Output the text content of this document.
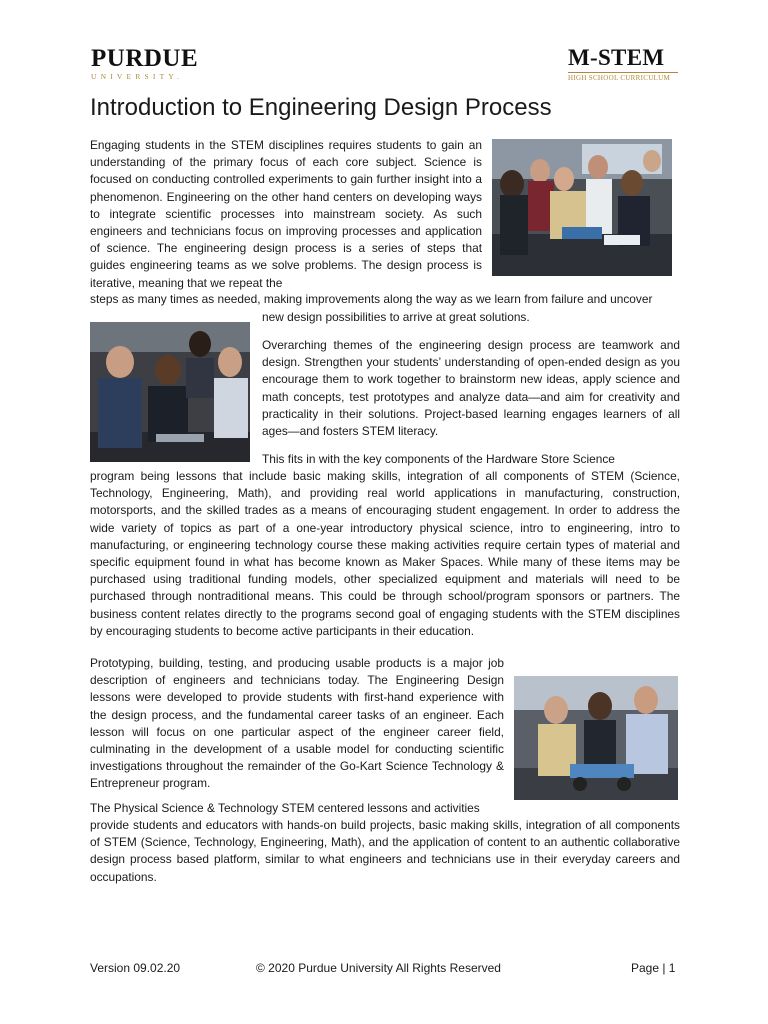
PURDUE
UNIVERSITY.
M-STEM
HIGH SCHOOL CURRICULUM
Introduction to Engineering Design Process
Engaging students in the STEM disciplines requires students to gain an understanding of the primary focus of each core subject. Science is focused on conducting controlled experiments to gain further insight into a phenomenon. Engineering on the other hand centers on developing ways to integrate scientific processes into mainstream society. As such engineers and technicians focus on improving processes and application of science. The engineering design process is a series of steps that guides engineering teams as we solve problems. The design process is iterative, meaning that we repeat the
steps as many times as needed, making improvements along the way as we learn from failure and uncover
new design possibilities to arrive at great solutions.
Overarching themes of the engineering design process are teamwork and design. Strengthen your students’ understanding of open-ended design as you encourage them to work together to brainstorm new ideas, apply science and math concepts, test prototypes and analyze data—and aim for creativity and practicality in their solutions. Project-based learning engages learners of all ages—and fosters STEM literacy.
This fits in with the key components of the Hardware Store Science
program being lessons that include basic making skills, integration of all components of STEM (Science, Technology, Engineering, Math), and providing real world applications in manufacturing, construction, motorsports, and the skilled trades as a means of encouraging student engagement. In order to address the wide variety of topics as part of a one-year introductory physical science, intro to engineering, intro to manufacturing, or engineering technology course these making activities require certain types of material and specific equipment found in what has become known as Maker Spaces. While many of these items may be purchased using traditional funding models, other specialized equipment and materials will need to be purchased through nontraditional means. This could be through school/program sponsors or partners. The business content relates directly to the programs second goal of engaging students with the STEM disciplines by encouraging students to become active participants in their education.
Prototyping, building, testing, and producing usable products is a major job description of engineers and technicians today. The Engineering Design lessons were developed to provide students with first-hand experience with the design process, and the fundamental career tasks of an engineer. Each lesson will focus on one particular aspect of the engineer career field, culminating in the development of a usable model for conducting scientific investigations throughout the remainder of the Go-Kart Science Technology & Entrepreneur program.
The Physical Science & Technology STEM centered lessons and activities
provide students and educators with hands-on build projects, basic making skills, integration of all components of STEM (Science, Technology, Engineering, Math), and the application of content to an authentic collaborative design process based platform, similar to what engineers and technicians use in their everyday careers and occupations.
Version 09.02.20	© 2020 Purdue University All Rights Reserved	Page | 1
